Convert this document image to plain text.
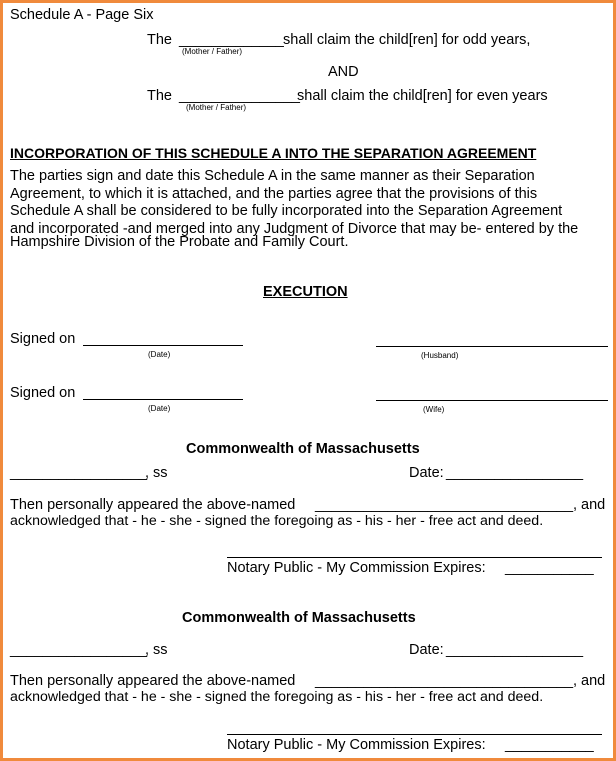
Schedule A - Page Six
The _____________ shall claim the child[ren] for odd years,
(Mother / Father)
AND
The _______________
shall claim the child[ren] for even years
(Mother / Father)
INCORPORATION OF THIS SCHEDULE A INTO THE SEPARATION AGREEMENT
The parties sign and date this Schedule A in the same manner as their Separation
Agreement, to which it is attached, and the parties agree that the provisions of this
Schedule A shall be considered to be fully incorporated into the Separation Agreement
and incorporated -and merged into any Judgment of Divorce that may be- entered by the
Hampshire Division of the Probate and Family Court.
EXECUTION
Signed on
(Date)	(Husband)
Signed on
(Date)	(Wife)
Commonwealth of Massachusetts
_________________
, ss	Date: _________________
Then personally appeared the above-named ________________________________ , and
acknowledged that - he - she - signed the foregoing as - his - her - free act and deed.
Notary Public - My Commission Expires: ___________
Commonwealth of Massachusetts
_________________
, ss	Date: _________________
Then personally appeared the above-named ________________________________ , and
acknowledged that - he - she - signed the foregoing as - his - her - free act and deed.
Notary Public - My Commission Expires: ___________
